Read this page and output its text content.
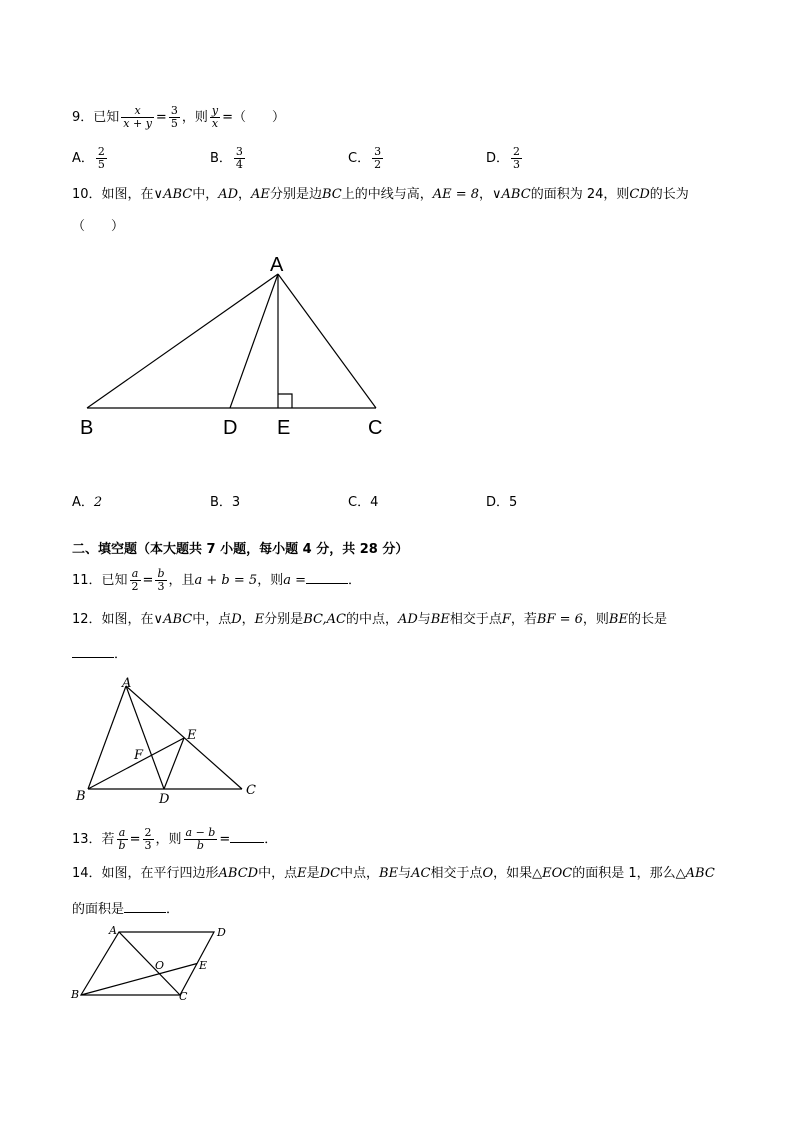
9．已知 $\frac{x}{x + y} = \frac{3}{5}$ ，则 $\frac{y}{x}$ =（　　）
A． $\frac{2}{5}$	B． $\frac{3}{4}$	C． $\frac{3}{2}$	D． $\frac{2}{3}$
10．如图，在∨ABC中，AD，AE分别是边BC上的中线与高，AE = 8，∨ABC的面积为 24，则CD的长为
（　　）
A
B	D E	C
A．2	B．3	C．4	D．5
二、填空题（本大题共 7 小题，每小题 4 分，共 28 分）
11．已知 $\frac{a}{2} = \frac{b}{3}$ ，且a + b = 5，则a =	．
12．如图，在∨ABC中，点D，E分别是BC,AC的中点，AD与BE相交于点F，若BF = 6，则BE的长是
．
A
B	D
C
E
F
13．若 $\frac{a}{b} = \frac{2}{3}$ ，则 $\frac{a - b}{b}$ =	．
14．如图，在平行四边形ABCD中，点E是DC中点，BE与AC相交于点O，如果△EOC的面积是 1，那么△ABC
的面积是	．
A	D
B	C
E
O
